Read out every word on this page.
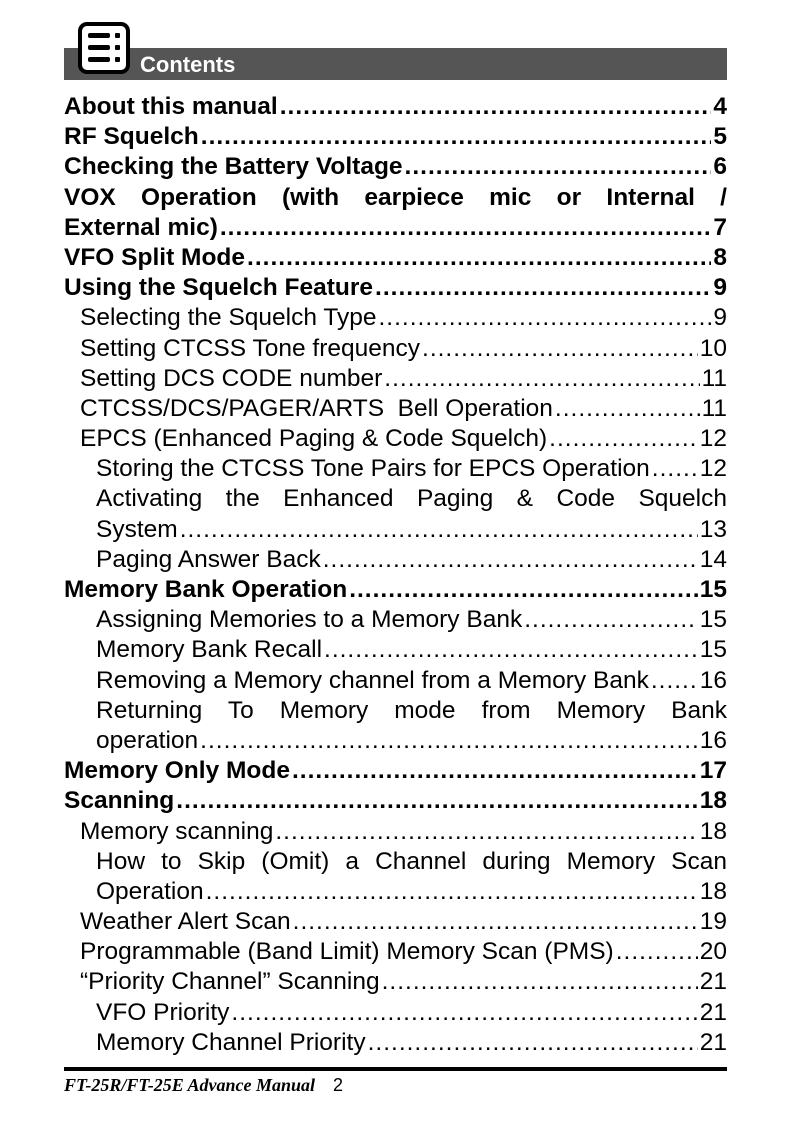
Contents
About this manual .....	4
RF Squelch .....	5
Checking the Battery Voltage .....	6
VOX Operation (with earpiece mic or Internal /
External mic) .....	7
VFO Split Mode .....	8
Using the Squelch Feature .....	9
Selecting the Squelch Type .....	9
Setting CTCSS Tone frequency .....	10
Setting DCS CODE number .....	11
CTCSS/DCS/PAGER/ARTS  Bell Operation .....	11
EPCS (Enhanced Paging & Code Squelch) .....	12
Storing the CTCSS Tone Pairs for EPCS Operation ..... 12
Activating the Enhanced Paging & Code Squelch
System .....	13
Paging Answer Back .....	14
Memory Bank Operation .....	15
Assigning Memories to a Memory Bank .....	15
Memory Bank Recall .....	15
Removing a Memory channel from a Memory Bank ..... 16
Returning To Memory mode from Memory Bank
operation .....	16
Memory Only Mode .....	17
Scanning .....	18
Memory scanning .....	18
How to Skip (Omit) a Channel during Memory Scan
Operation .....	18
Weather Alert Scan .....	19
Programmable (Band Limit) Memory Scan (PMS) .....	20
“Priority Channel” Scanning .....	21
VFO Priority .....	21
Memory Channel Priority .....	21
FT-25R/FT-25E Advance Manual 2
